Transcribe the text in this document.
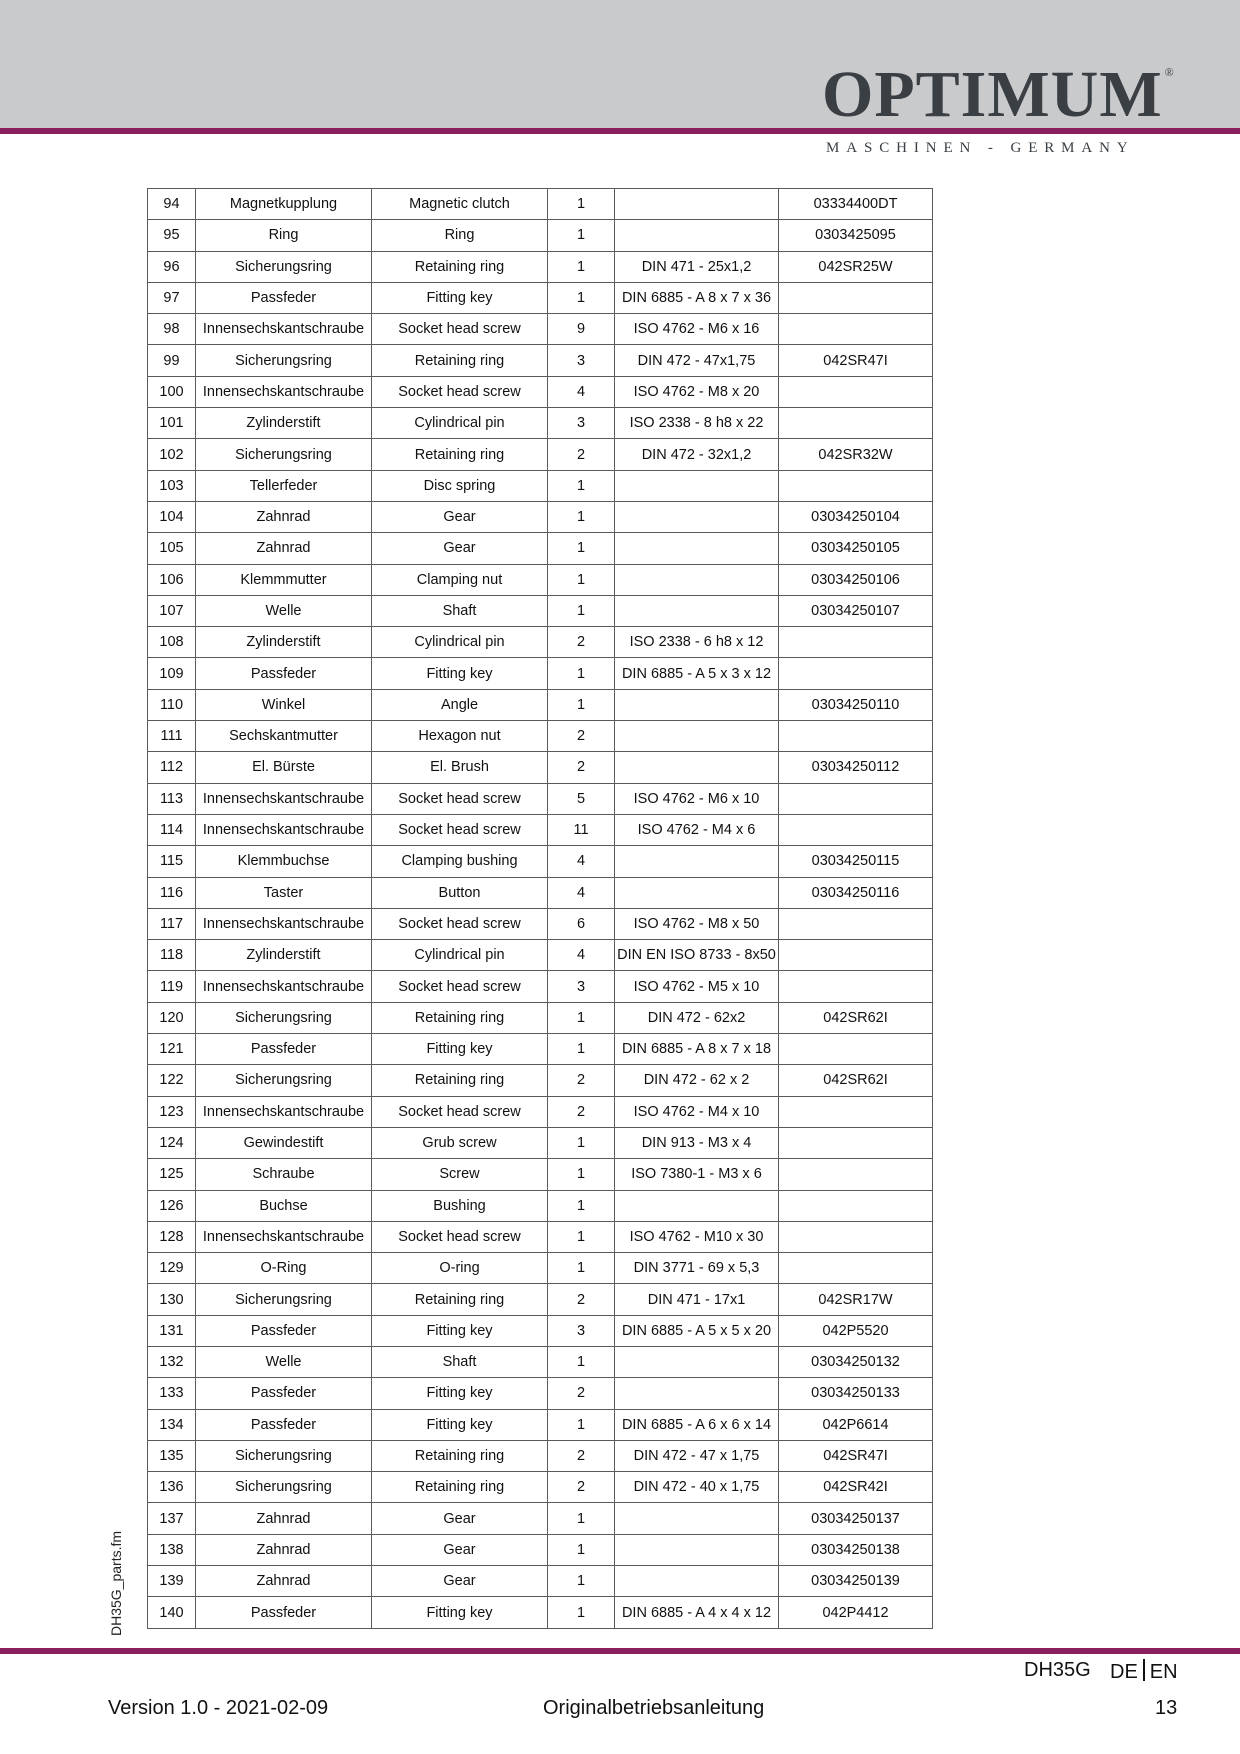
OPTIMUM ®
MASCHINEN - GERMANY
94	Magnetkupplung	Magnetic clutch	1		03334400DT
95	Ring	Ring	1		0303425095
96	Sicherungsring	Retaining ring	1	DIN 471 - 25x1,2	042SR25W
97	Passfeder	Fitting key	1	DIN 6885 - A 8 x 7 x 36	
98	Innensechskantschraube	Socket head screw	9	ISO 4762 - M6 x 16	
99	Sicherungsring	Retaining ring	3	DIN 472 - 47x1,75	042SR47I
100	Innensechskantschraube	Socket head screw	4	ISO 4762 - M8 x 20	
101	Zylinderstift	Cylindrical pin	3	ISO 2338 - 8 h8 x 22	
102	Sicherungsring	Retaining ring	2	DIN 472 - 32x1,2	042SR32W
103	Tellerfeder	Disc spring	1		
104	Zahnrad	Gear	1		03034250104
105	Zahnrad	Gear	1		03034250105
106	Klemmmutter	Clamping nut	1		03034250106
107	Welle	Shaft	1		03034250107
108	Zylinderstift	Cylindrical pin	2	ISO 2338 - 6 h8 x 12	
109	Passfeder	Fitting key	1	DIN 6885 - A 5 x 3 x 12	
110	Winkel	Angle	1		03034250110
111	Sechskantmutter	Hexagon nut	2		
112	El. Bürste	El. Brush	2		03034250112
113	Innensechskantschraube	Socket head screw	5	ISO 4762 - M6 x 10	
114	Innensechskantschraube	Socket head screw	11	ISO 4762 - M4 x 6	
115	Klemmbuchse	Clamping bushing	4		03034250115
116	Taster	Button	4		03034250116
117	Innensechskantschraube	Socket head screw	6	ISO 4762 - M8 x 50	
118	Zylinderstift	Cylindrical pin	4	DIN EN ISO 8733 - 8x50	
119	Innensechskantschraube	Socket head screw	3	ISO 4762 - M5 x 10	
120	Sicherungsring	Retaining ring	1	DIN 472 - 62x2	042SR62I
121	Passfeder	Fitting key	1	DIN 6885 - A 8 x 7 x 18	
122	Sicherungsring	Retaining ring	2	DIN 472 - 62 x 2	042SR62I
123	Innensechskantschraube	Socket head screw	2	ISO 4762 - M4 x 10	
124	Gewindestift	Grub screw	1	DIN 913 - M3 x 4	
125	Schraube	Screw	1	ISO 7380-1 - M3 x 6	
126	Buchse	Bushing	1		
128	Innensechskantschraube	Socket head screw	1	ISO 4762 - M10 x 30	
129	O-Ring	O-ring	1	DIN 3771 - 69 x 5,3	
130	Sicherungsring	Retaining ring	2	DIN 471 - 17x1	042SR17W
131	Passfeder	Fitting key	3	DIN 6885 - A 5 x 5 x 20	042P5520
132	Welle	Shaft	1		03034250132
133	Passfeder	Fitting key	2		03034250133
134	Passfeder	Fitting key	1	DIN 6885 - A 6 x 6 x 14	042P6614
135	Sicherungsring	Retaining ring	2	DIN 472 - 47 x 1,75	042SR47I
136	Sicherungsring	Retaining ring	2	DIN 472 - 40 x 1,75	042SR42I
137	Zahnrad	Gear	1		03034250137
138	Zahnrad	Gear	1		03034250138
139	Zahnrad	Gear	1		03034250139
140	Passfeder	Fitting key	1	DIN 6885 - A 4 x 4 x 12	042P4412
DH35G_parts.fm
DH35G DE EN
Version 1.0 - 2021-02-09	Originalbetriebsanleitung	13
